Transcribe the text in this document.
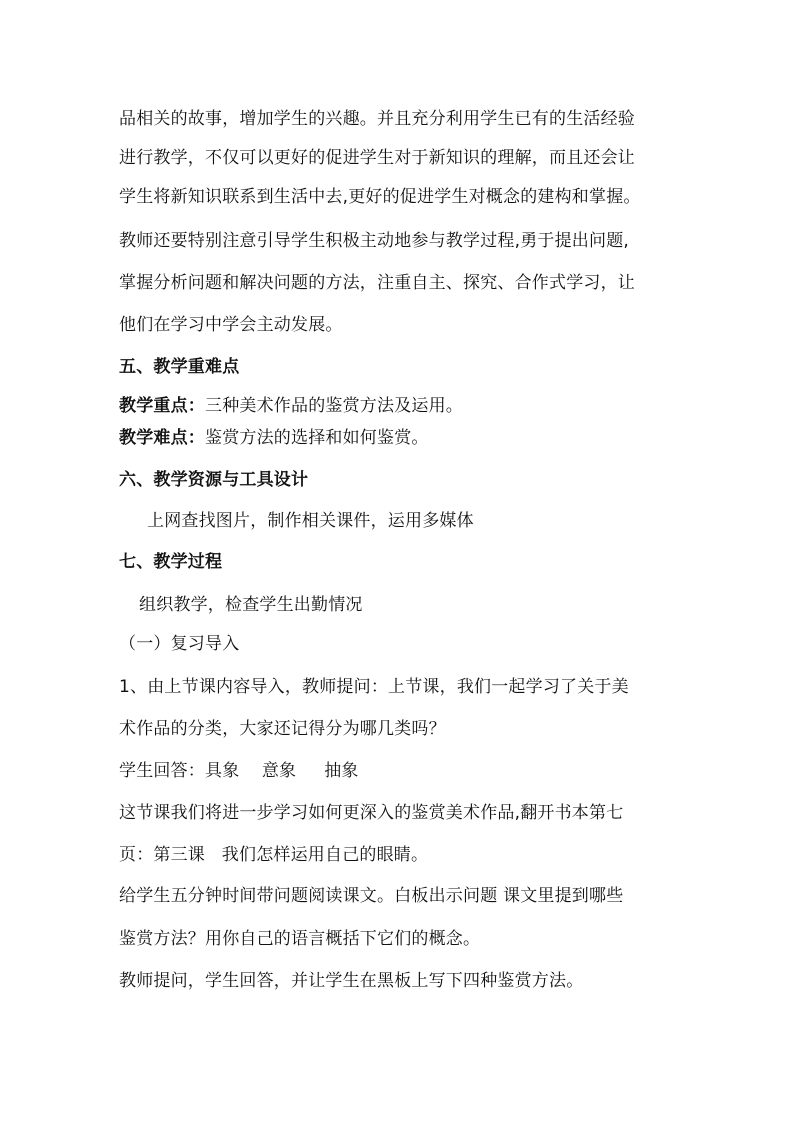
品相关的故事，增加学生的兴趣。并且充分利用学生已有的生活经验
进行教学，不仅可以更好的促进学生对于新知识的理解，而且还会让
学生将新知识联系到生活中去,更好的促进学生对概念的建构和掌握。
教师还要特别注意引导学生积极主动地参与教学过程,勇于提出问题,
掌握分析问题和解决问题的方法，注重自主、探究、合作式学习，让
他们在学习中学会主动发展。
五、教学重难点
教学重点：三种美术作品的鉴赏方法及运用。
教学难点：鉴赏方法的选择和如何鉴赏。
六、教学资源与工具设计
上网查找图片，制作相关课件，运用多媒体
七、教学过程
组织教学，检查学生出勤情况
（一）复习导入
1、由上节课内容导入，教师提问：上节课，我们一起学习了关于美
术作品的分类，大家还记得分为哪几类吗？
学生回答：具象    意象     抽象
这节课我们将进一步学习如何更深入的鉴赏美术作品,翻开书本第七
页：第三课   我们怎样运用自己的眼睛。
给学生五分钟时间带问题阅读课文。白板出示问题 课文里提到哪些
鉴赏方法？用你自己的语言概括下它们的概念。
教师提问，学生回答，并让学生在黑板上写下四种鉴赏方法。
